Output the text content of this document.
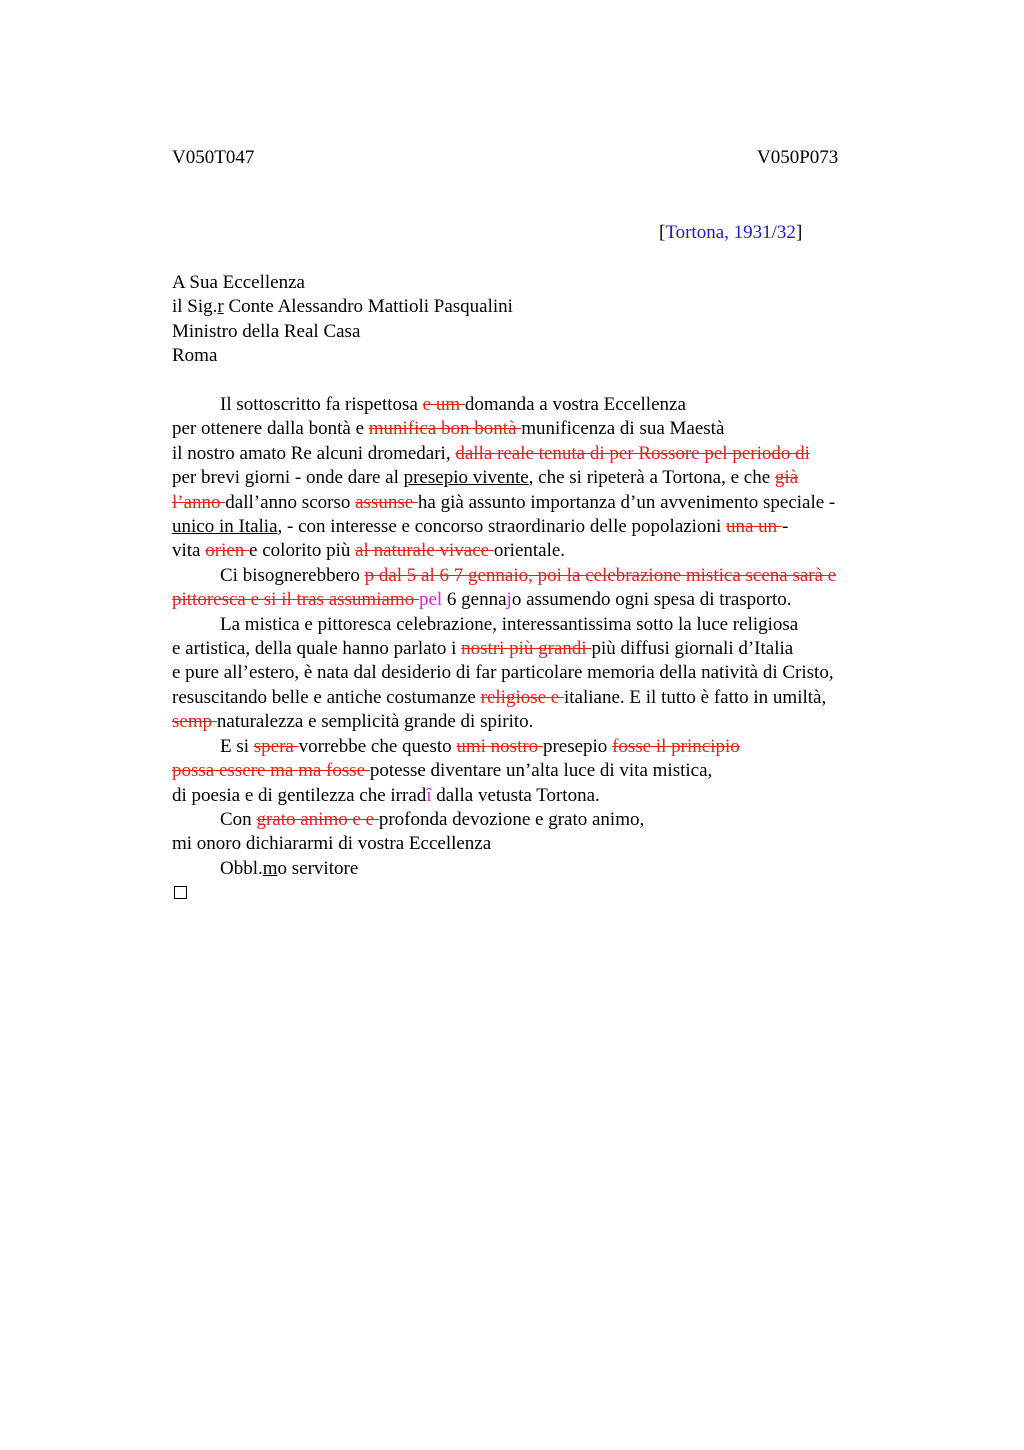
V050T047	V050P073
[Tortona, 1931/32]
A Sua Eccellenza
il Sig.r Conte Alessandro Mattioli Pasqualini
Ministro della Real Casa
Roma
Il sottoscritto fa rispettosa e um domanda a vostra Eccellenza
per ottenere dalla bontà e munifica bon bontà munificenza di sua Maestà
il nostro amato Re alcuni dromedari, dalla reale tenuta di per Rossore pel periodo di
per brevi giorni - onde dare al presepio vivente, che si ripeterà a Tortona, e che già
l’anno dall’anno scorso assunse ha già assunto importanza d’un avvenimento speciale -
unico in Italia, - con interesse e concorso straordinario delle popolazioni una un -
vita orien e colorito più al naturale vivace orientale.
Ci bisognerebbero p dal 5 al 6 7 gennaio, poi la celebrazione mistica scena sarà e
pittoresca e si il tras assumiamo pel 6 gennajo assumendo ogni spesa di trasporto.
La mistica e pittoresca celebrazione, interessantissima sotto la luce religiosa
e artistica, della quale hanno parlato i nostri più grandi più diffusi giornali d’Italia
e pure all’estero, è nata dal desiderio di far particolare memoria della natività di Cristo,
resuscitando belle e antiche costumanze religiose e italiane. E il tutto è fatto in umiltà,
semp naturalezza e semplicità grande di spirito.
E si spera vorrebbe che questo umi nostro presepio fosse il principio
possa essere ma ma fosse potesse diventare un’alta luce di vita mistica,
di poesia e di gentilezza che irradî dalla vetusta Tortona.
Con grato animo e e profonda devozione e grato animo,
mi onoro dichiararmi di vostra Eccellenza
Obbl.mo servitore
